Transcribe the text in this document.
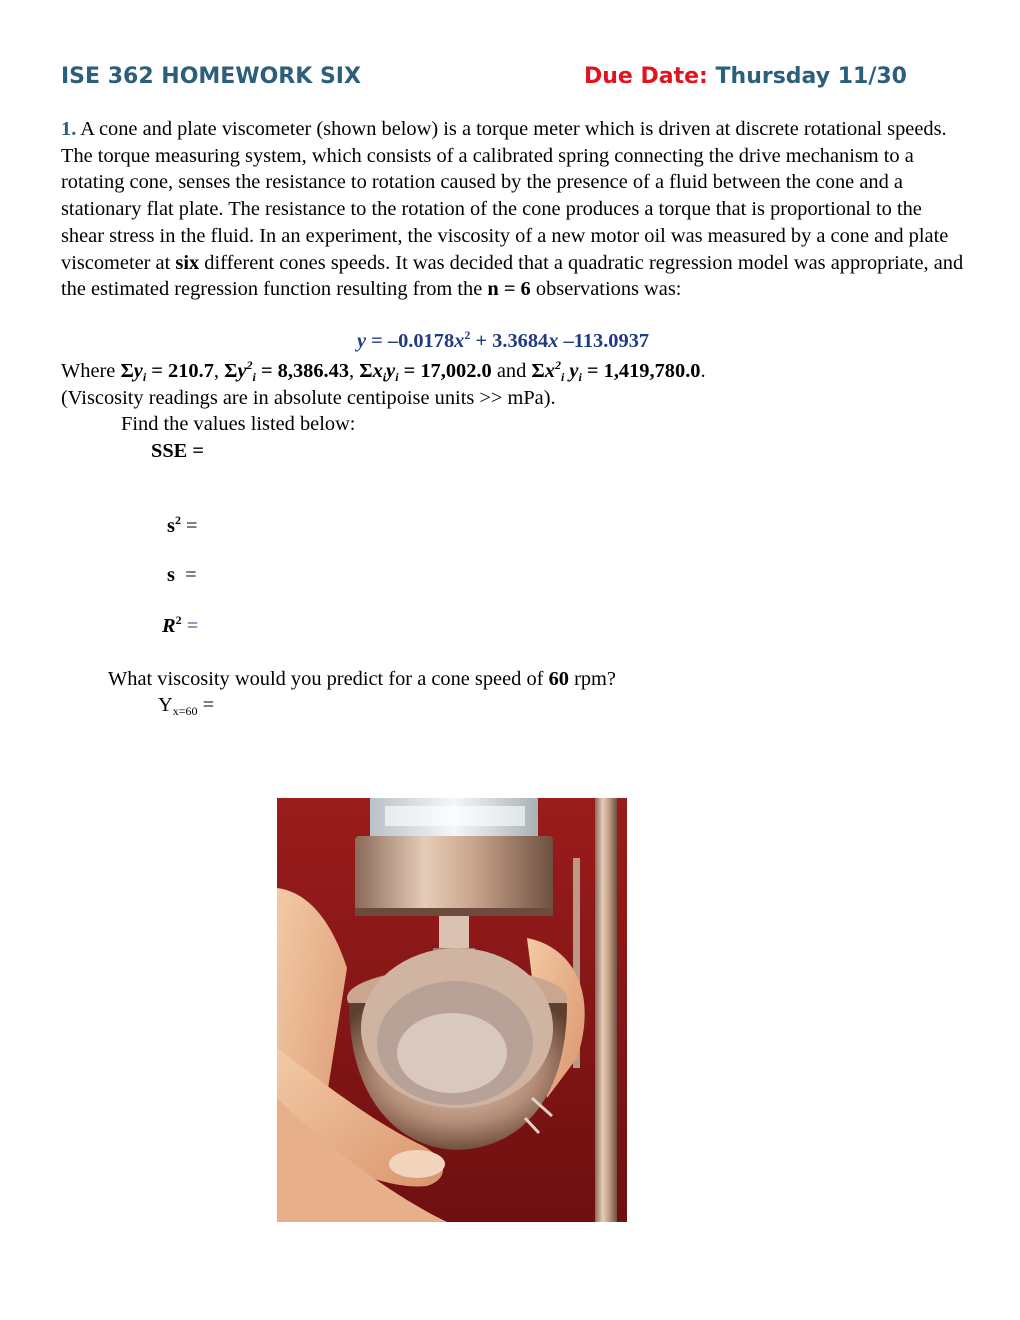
ISE 362 HOMEWORK SIX	Due Date: Thursday 11/30
1. A cone and plate viscometer (shown below) is a torque meter which is driven at discrete rotational speeds. The torque measuring system, which consists of a calibrated spring connecting the drive mechanism to a rotating cone, senses the resistance to rotation caused by the presence of a fluid between the cone and a stationary flat plate. The resistance to the rotation of the cone produces a torque that is proportional to the shear stress in the fluid. In an experiment, the viscosity of a new motor oil was measured by a cone and plate viscometer at six different cones speeds. It was decided that a quadratic regression model was appropriate, and the estimated regression function resulting from the n = 6 observations was:
$y = -0.0178x^2 + 3.3684x$ –113.0937
Where $\Sigma y_i = 210.7$, $\Sigma y^2_i = 8,386.43$, $\Sigma x_iy_i = 17,002.0$ and $\Sigma x^2_i$ $y_i = 1,419,780.0$.
(Viscosity readings are in absolute centipoise units >> mPa).
Find the values listed below:
SSE =
$s^2$ =
s  =
$R^2$ =
What viscosity would you predict for a cone speed of 60 rpm?
$Y_{x=60}$ =
